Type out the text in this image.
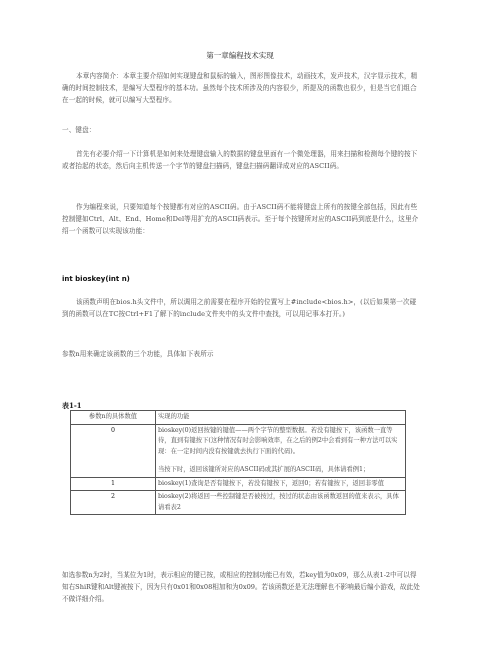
第一章编程技术实现
本章内容简介：本章主要介绍如何实现键盘和鼠标的输入，图形图像技术，动画技术，发声技术，汉字显示技术，精确的时间控制技术，是编写大型程序的基本功。虽然每个技术所涉及的内容很少，所提及的函数也很少，但是当它们组合在一起的时候，就可以编写大型程序。
一、键盘：
首先有必要介绍一下计算机是如何来处理键盘输入的数据的键盘里面有一个微处理器，用来扫描和检测每个键的按下或者抬起的状态，然后向主机传送一个字节的键盘扫描码，键盘扫描码翻译成对应的ASCII码。
作为编程来说，只要知道每个按键都有对应的ASCII码。由于ASCII码不能将键盘上所有的按键全部包括，因此有些控制键如Ctrl、Alt、End、Home和Del等用扩充的ASCII码表示。至于每个按键所对应的ASCII码到底是什么，这里介绍一个函数可以实现该功能：
int bioskey(int n)
该函数声明在bios.h头文件中，所以调用之前需要在程序开始的位置写上#include<bios.h>，(以后如果第一次碰到的函数可以在TC按Ctrl+F1了解下的include文件夹中的头文件中查找，可以用记事本打开。)
参数n用来确定该函数的三个功能，具体如下表所示
表1-1
参数n的具体数值	实现的功能
0	bioskey(0)返回按键的键值——两个字节的整型数据。若没有键按下，该函数一直等待，直到有键按下(这种情况有时会影响效率，在之后的例2中会看到有一种方法可以实现：在一定时间内没有按键就去执行下面的代码)。
当按下时，返回该键所对应的ASCII码或其扩展的ASCII码，具体请看例1；

1	bioskey(1)查询是否有键按下，若没有键按下，返回0；若有键按下，返回非零值
2	bioskey(2)将返回一些控制键是否被按过，按过的状态由该函数返回的值来表示，具体请看表2
如选参数n为2时，当某位为1时，表示相应的键已按，或相应的控制功能已有效，若key值为0x09，那么从表1-2中可以得知右ShiR键和Alt键被按下，因为只有0x01和0x08相加和为0x09。若该函数还是无法理解也不影响最后编小游戏，故此处不做详细介绍。
